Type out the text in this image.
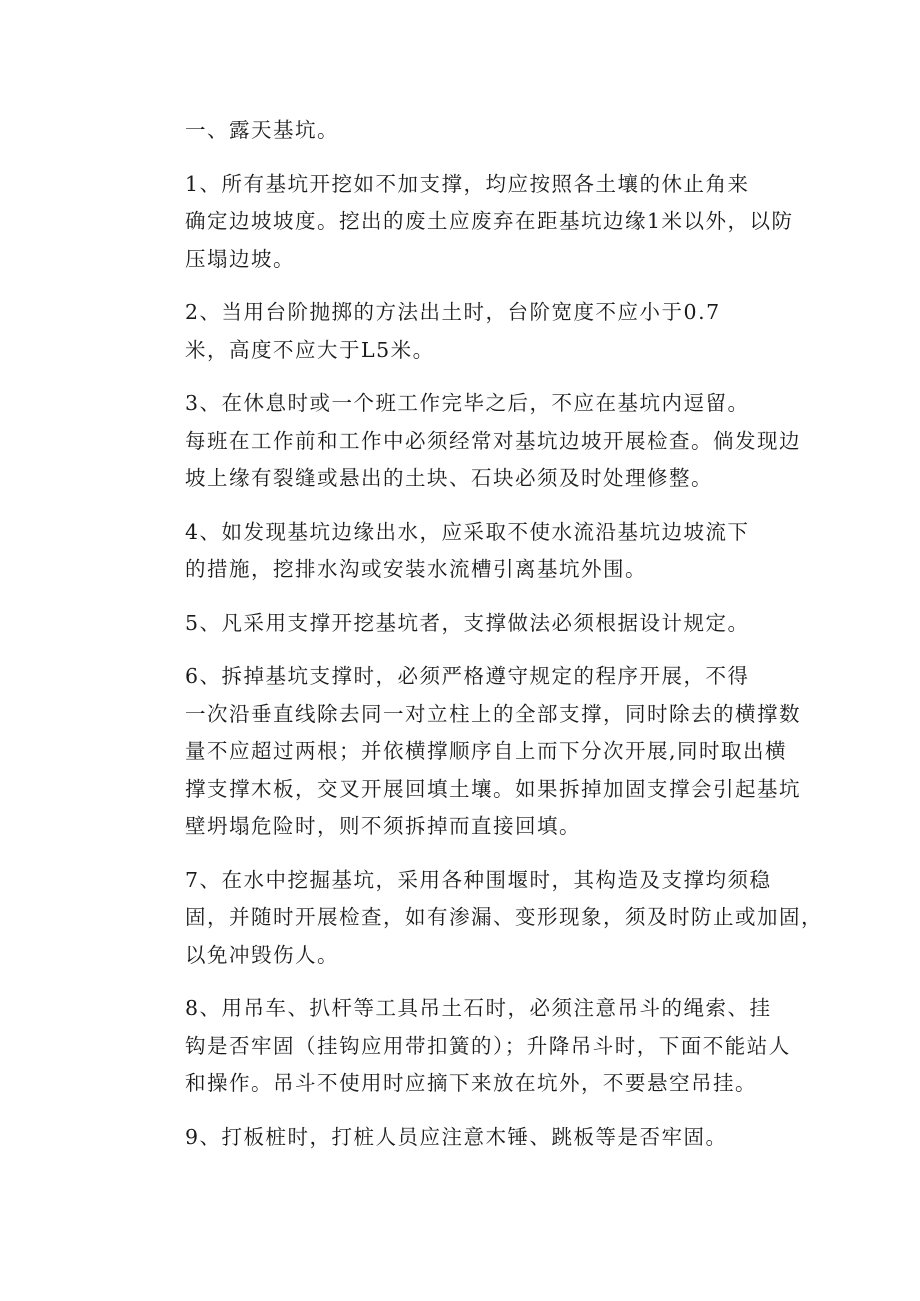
一、露天基坑。

1、所有基坑开挖如不加支撑，均应按照各土壤的休止角来
确定边坡坡度。挖出的废土应废弃在距基坑边缘1米以外，以防
压塌边坡。

2、当用台阶抛掷的方法出土时，台阶宽度不应小于0.7
米，高度不应大于L5米。

3、在休息时或一个班工作完毕之后，不应在基坑内逗留。
每班在工作前和工作中必须经常对基坑边坡开展检查。倘发现边
坡上缘有裂缝或悬出的土块、石块必须及时处理修整。

4、如发现基坑边缘出水，应采取不使水流沿基坑边坡流下
的措施，挖排水沟或安装水流槽引离基坑外围。

5、凡采用支撑开挖基坑者，支撑做法必须根据设计规定。

6、拆掉基坑支撑时，必须严格遵守规定的程序开展，不得
一次沿垂直线除去同一对立柱上的全部支撑，同时除去的横撑数
量不应超过两根；并依横撑顺序自上而下分次开展,同时取出横
撑支撑木板，交叉开展回填土壤。如果拆掉加固支撑会引起基坑
壁坍塌危险时，则不须拆掉而直接回填。

7、在水中挖掘基坑，采用各种围堰时，其构造及支撑均须稳
固，并随时开展检查，如有渗漏、变形现象，须及时防止或加固，
以免冲毁伤人。

8、用吊车、扒杆等工具吊土石时，必须注意吊斗的绳索、挂
钩是否牢固（挂钩应用带扣簧的）；升降吊斗时，下面不能站人
和操作。吊斗不使用时应摘下来放在坑外，不要悬空吊挂。

9、打板桩时，打桩人员应注意木锤、跳板等是否牢固。
